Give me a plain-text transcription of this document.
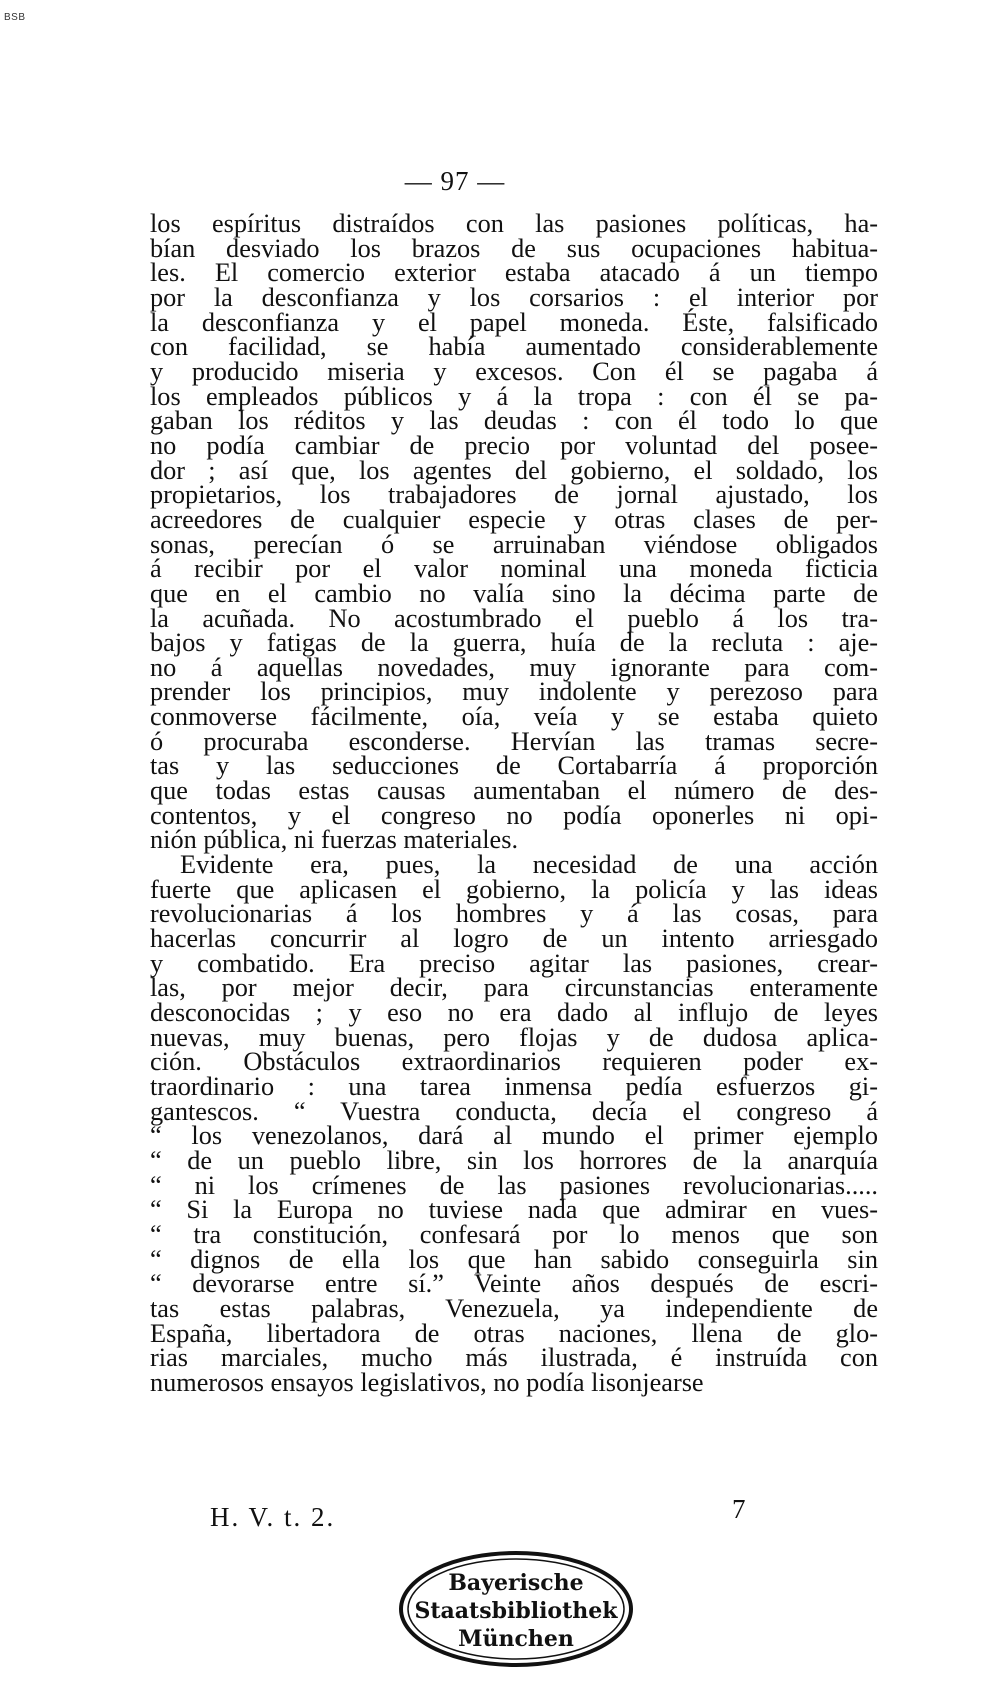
BSB
— 97 —
los espíritus distraídos con las pasiones políticas, ha-
bían desviado los brazos de sus ocupaciones habitua-
les. El comercio exterior estaba atacado á un tiempo
por la desconfianza y los corsarios : el interior por
la desconfianza y el papel moneda. Éste, falsificado
con facilidad, se había aumentado considerablemente
y producido miseria y excesos. Con él se pagaba á
los empleados públicos y á la tropa : con él se pa-
gaban los réditos y las deudas : con él todo lo que
no podía cambiar de precio por voluntad del posee-
dor ; así que, los agentes del gobierno, el soldado, los
propietarios, los trabajadores de jornal ajustado, los
acreedores de cualquier especie y otras clases de per-
sonas, perecían ó se arruinaban viéndose obligados
á recibir por el valor nominal una moneda ficticia
que en el cambio no valía sino la décima parte de
la acuñada. No acostumbrado el pueblo á los tra-
bajos y fatigas de la guerra, huía de la recluta : aje-
no á aquellas novedades, muy ignorante para com-
prender los principios, muy indolente y perezoso para
conmoverse fácilmente, oía, veía y se estaba quieto
ó procuraba esconderse. Hervían las tramas secre-
tas y las seducciones de Cortabarría á proporción
que todas estas causas aumentaban el número de des-
contentos, y el congreso no podía oponerles ni opi-
nión pública, ni fuerzas materiales.
Evidente era, pues, la necesidad de una acción
fuerte que aplicasen el gobierno, la policía y las ideas
revolucionarias á los hombres y á las cosas, para
hacerlas concurrir al logro de un intento arriesgado
y combatido. Era preciso agitar las pasiones, crear-
las, por mejor decir, para circunstancias enteramente
desconocidas ; y eso no era dado al influjo de leyes
nuevas, muy buenas, pero flojas y de dudosa aplica-
ción. Obstáculos extraordinarios requieren poder ex-
traordinario : una tarea inmensa pedía esfuerzos gi-
gantescos. “ Vuestra conducta, decía el congreso á
“ los venezolanos, dará al mundo el primer ejemplo
“ de un pueblo libre, sin los horrores de la anarquía
“ ni los crímenes de las pasiones revolucionarias.....
“ Si la Europa no tuviese nada que admirar en vues-
“ tra constitución, confesará por lo menos que son
“ dignos de ella los que han sabido conseguirla sin
“ devorarse entre sí.” Veinte años después de escri-
tas estas palabras, Venezuela, ya independiente de
España, libertadora de otras naciones, llena de glo-
rias marciales, mucho más ilustrada, é instruída con
numerosos ensayos legislativos, no podía lisonjearse
H. V. t. 2.	7
Bayerische
Staatsbibliothek
München
